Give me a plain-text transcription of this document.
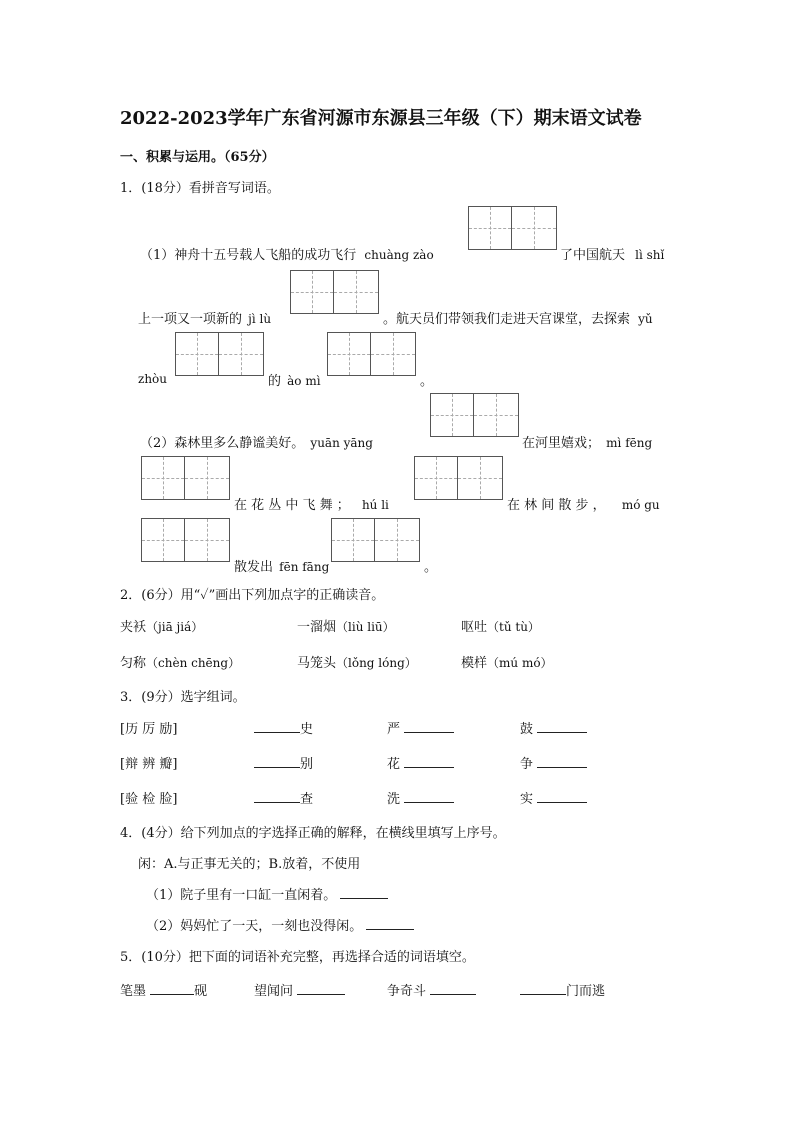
2022-2023学年广东省河源市东源县三年级（下）期末语文试卷
一、积累与运用。（65分）
1．(18分）看拼音写词语。
（1）神舟十五号载人飞船的成功飞行 chuàng zào	了中国航天 lì shǐ
上一项又一项新的 jì lù	。航天员们带领我们走进天宫课堂，去探索 yǔ
zhòu	的 ào mì	。
（2）森林里多么静谧美好。 yuān yāng	在河里嬉戏； mì fēng
在 花 丛 中 飞 舞 ； hú li	在 林 间 散 步 ， mó gu
散发出 fēn fāng	。
2．(6分）用“✓”画出下列加点字的正确读音。
夹袄（jiā jiá）	一溜烟（liù liū）	呕吐（tǔ tù）
匀称（chèn chēng）	马笼头（lǒng lóng）	模样（mú mó）
3．(9分）选字组词。
[历 厉 励]	史	严	鼓
[辩 辨 瓣]	别	花	争
[验 检 脸]	查	洗	实
4．(4分）给下列加点的字选择正确的解释，在横线里填写上序号。
闲：A.与正事无关的；B.放着，不使用
（1）院子里有一口缸一直闲着。
（2）妈妈忙了一天，一刻也没得闲。
5．(10分）把下面的词语补充完整，再选择合适的词语填空。
笔墨	砚	望闻问	争奇斗	门而逃
